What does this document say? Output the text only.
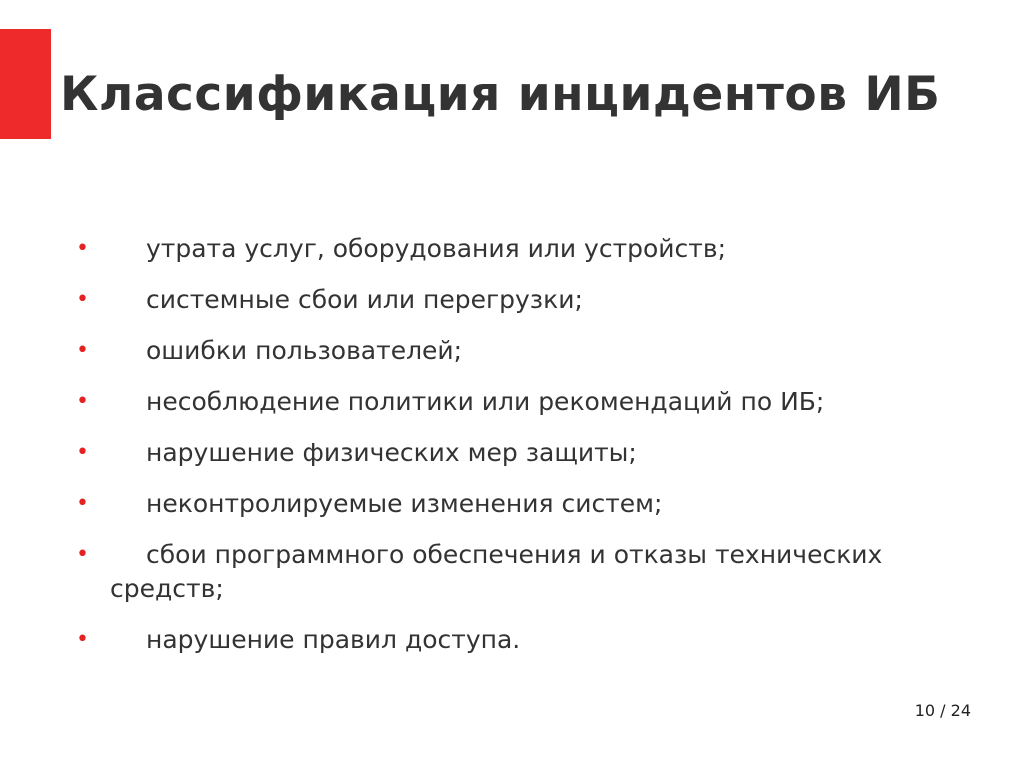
Классификация инцидентов ИБ
• утрата услуг, оборудования или устройств;
• системные сбои или перегрузки;
• ошибки пользователей;
• несоблюдение политики или рекомендаций по ИБ;
• нарушение физических мер защиты;
• неконтролируемые изменения систем;
• сбои программного обеспечения и отказы технических средств;
• нарушение правил доступа.
10 / 24
